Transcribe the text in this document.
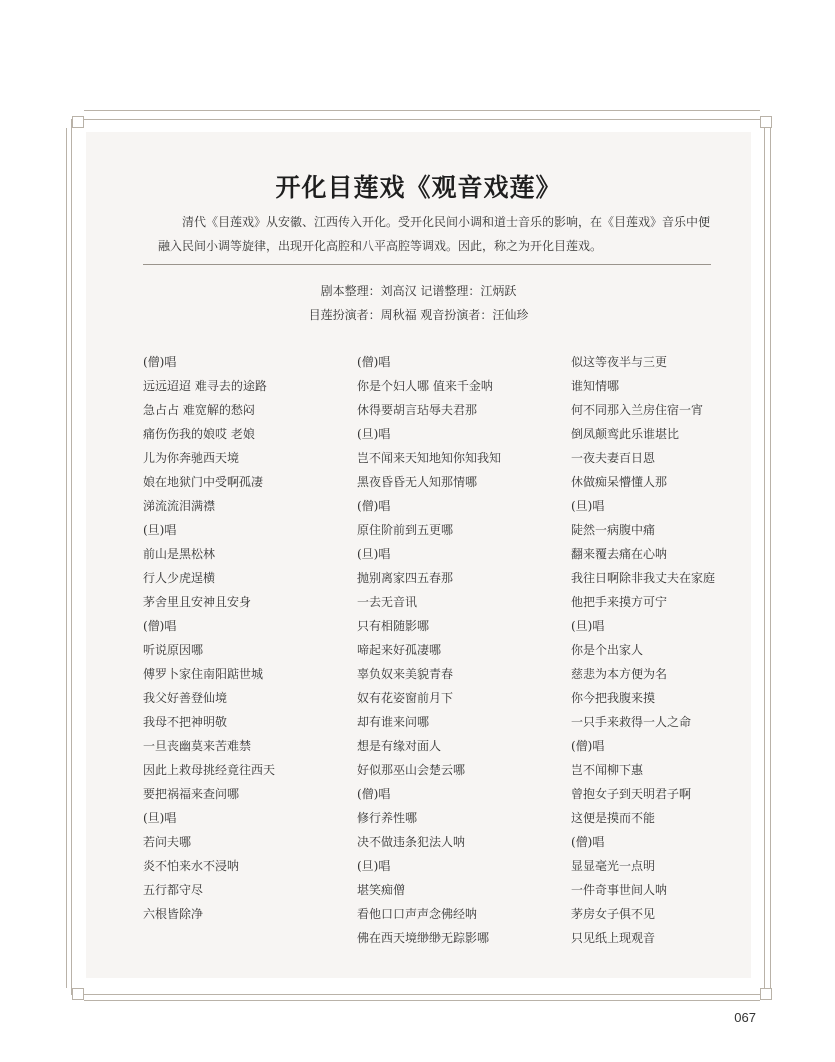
开化目莲戏《观音戏莲》
清代《目莲戏》从安徽、江西传入开化。受开化民间小调和道士音乐的影响，在《目莲戏》音乐中便融入民间小调等旋律，出现开化高腔和八平高腔等调戏。因此，称之为开化目莲戏。
剧本整理：刘高汉 记谱整理：江炳跃
目莲扮演者：周秋福 观音扮演者：汪仙珍
(僧)唱
远远迢迢 难寻去的途路
急占占 难宽解的愁闷
痛伤伤我的娘哎 老娘
儿为你奔驰西天境
娘在地狱门中受啊孤凄
涕流流泪满襟
(旦)唱
前山是黑松林
行人少虎逞横
茅舍里且安神且安身
(僧)唱
听说原因哪
傅罗卜家住南阳踮世城
我父好善登仙境
我母不把神明敬
一旦丧幽莫来苦难禁
因此上救母挑经竟往西天
要把祸福来查问哪
(旦)唱
若问夫哪
炎不怕来水不浸呐
五行都守尽
六根皆除净
(僧)唱
你是个妇人哪 值来千金呐
休得要胡言玷辱夫君那
(旦)唱
岂不闻来天知地知你知我知
黑夜昏昏无人知那情哪
(僧)唱
原住阶前到五更哪
(旦)唱
抛别离家四五春那
一去无音讯
只有相随影哪
啼起来好孤凄哪
辜负奴来美貌青春
奴有花姿窗前月下
却有谁来问哪
想是有缘对面人
好似那巫山会楚云哪
(僧)唱
修行养性哪
决不做违条犯法人呐
(旦)唱
堪笑痴僧
看他口口声声念佛经呐
佛在西天境缈缈无踪影哪
似这等夜半与三更
谁知情哪
何不同那入兰房住宿一宵
倒凤颠鸾此乐谁堪比
一夜夫妻百日恩
休做痴呆懵懂人那
(旦)唱
陡然一病腹中痛
翻来覆去痛在心呐
我往日啊除非我丈夫在家庭
他把手来摸方可宁
(旦)唱
你是个出家人
慈悲为本方便为名
你今把我腹来摸
一只手来救得一人之命
(僧)唱
岂不闻柳下惠
曾抱女子到天明君子啊
这便是摸而不能
(僧)唱
显显毫光一点明
一件奇事世间人呐
茅房女子俱不见
只见纸上现观音
067
